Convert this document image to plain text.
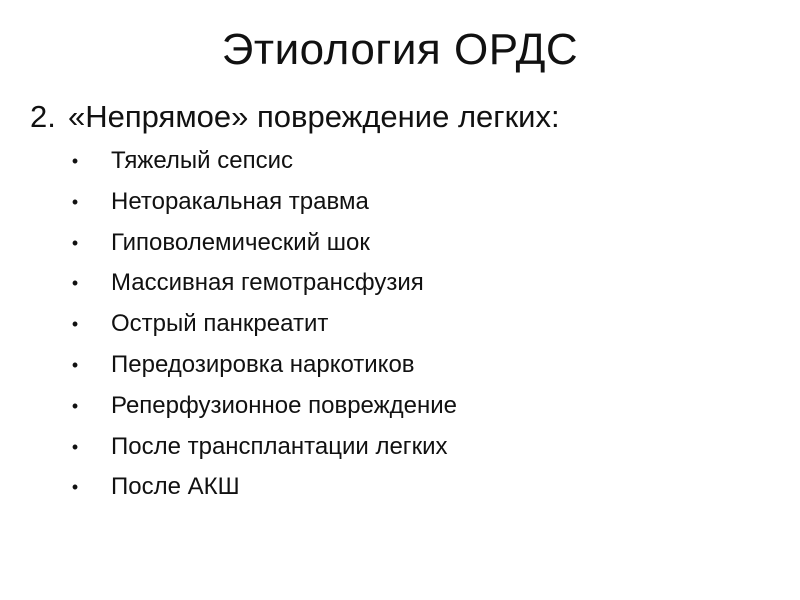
Этиология ОРДС
2. «Непрямое» повреждение легких:
• Тяжелый сепсис
• Неторакальная травма
• Гиповолемический шок
• Массивная гемотрансфузия
• Острый панкреатит
• Передозировка наркотиков
• Реперфузионное повреждение
• После трансплантации легких
• После АКШ
